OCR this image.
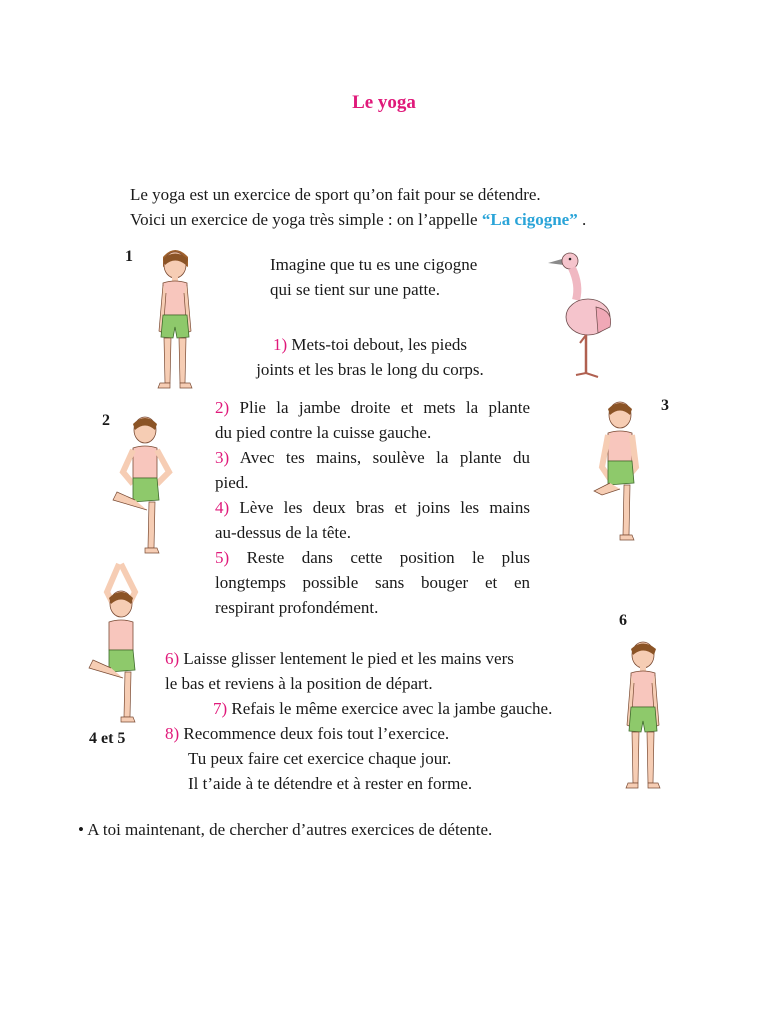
Le yoga
Le yoga est un exercice de sport qu’on fait pour se détendre.
Voici un exercice de yoga très simple : on l’appelle “La cigogne” .
1
2
3
4 et 5
6
Imagine que tu es une cigogne
qui se tient sur une patte.
1) Mets-toi debout, les pieds
joints et les bras le long du corps.
2) Plie la jambe droite et mets la plante
du pied contre la cuisse gauche.
3) Avec tes mains, soulève la plante du
pied.
4) Lève les deux bras et joins les mains
au-dessus de la tête.
5) Reste dans cette position le plus
longtemps possible sans bouger et en
respirant profondément.
6) Laisse glisser lentement le pied et les mains vers
le bas et reviens à la position de départ.
7) Refais le même exercice avec la jambe gauche.
8) Recommence deux fois tout l’exercice.
Tu peux faire cet exercice chaque jour.
Il t’aide à te détendre et à rester en forme.
• A toi maintenant, de chercher d’autres exercices de détente.
